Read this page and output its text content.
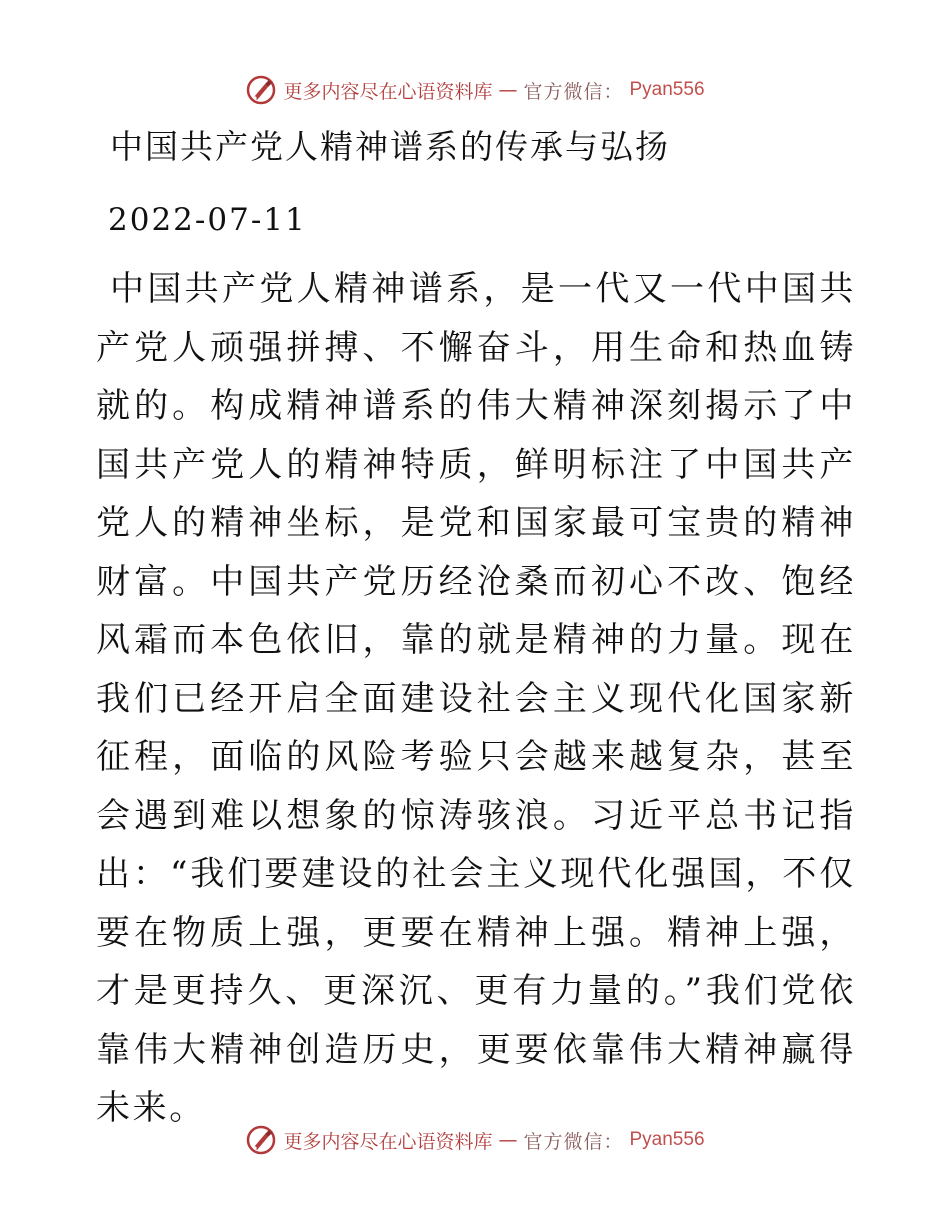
更多内容尽在心语资料库 — 官方微信： Pyan556
中国共产党人精神谱系的传承与弘扬
2022-07-11

中国共产党人精神谱系，是一代又一代中国共产党人顽强拼搏、不懈奋斗，用生命和热血铸就的。构成精神谱系的伟大精神深刻揭示了中国共产党人的精神特质，鲜明标注了中国共产党人的精神坐标，是党和国家最可宝贵的精神财富。中国共产党历经沧桑而初心不改、饱经风霜而本色依旧，靠的就是精神的力量。现在我们已经开启全面建设社会主义现代化国家新征程，面临的风险考验只会越来越复杂，甚至会遇到难以想象的惊涛骇浪。习近平总书记指出：“我们要建设的社会主义现代化强国，不仅要在物质上强，更要在精神上强。精神上强，才是更持久、更深沉、更有力量的。”我们党依靠伟大精神创造历史，更要依靠伟大精神赢得未来。

更多内容尽在心语资料库 — 官方微信： Pyan556
